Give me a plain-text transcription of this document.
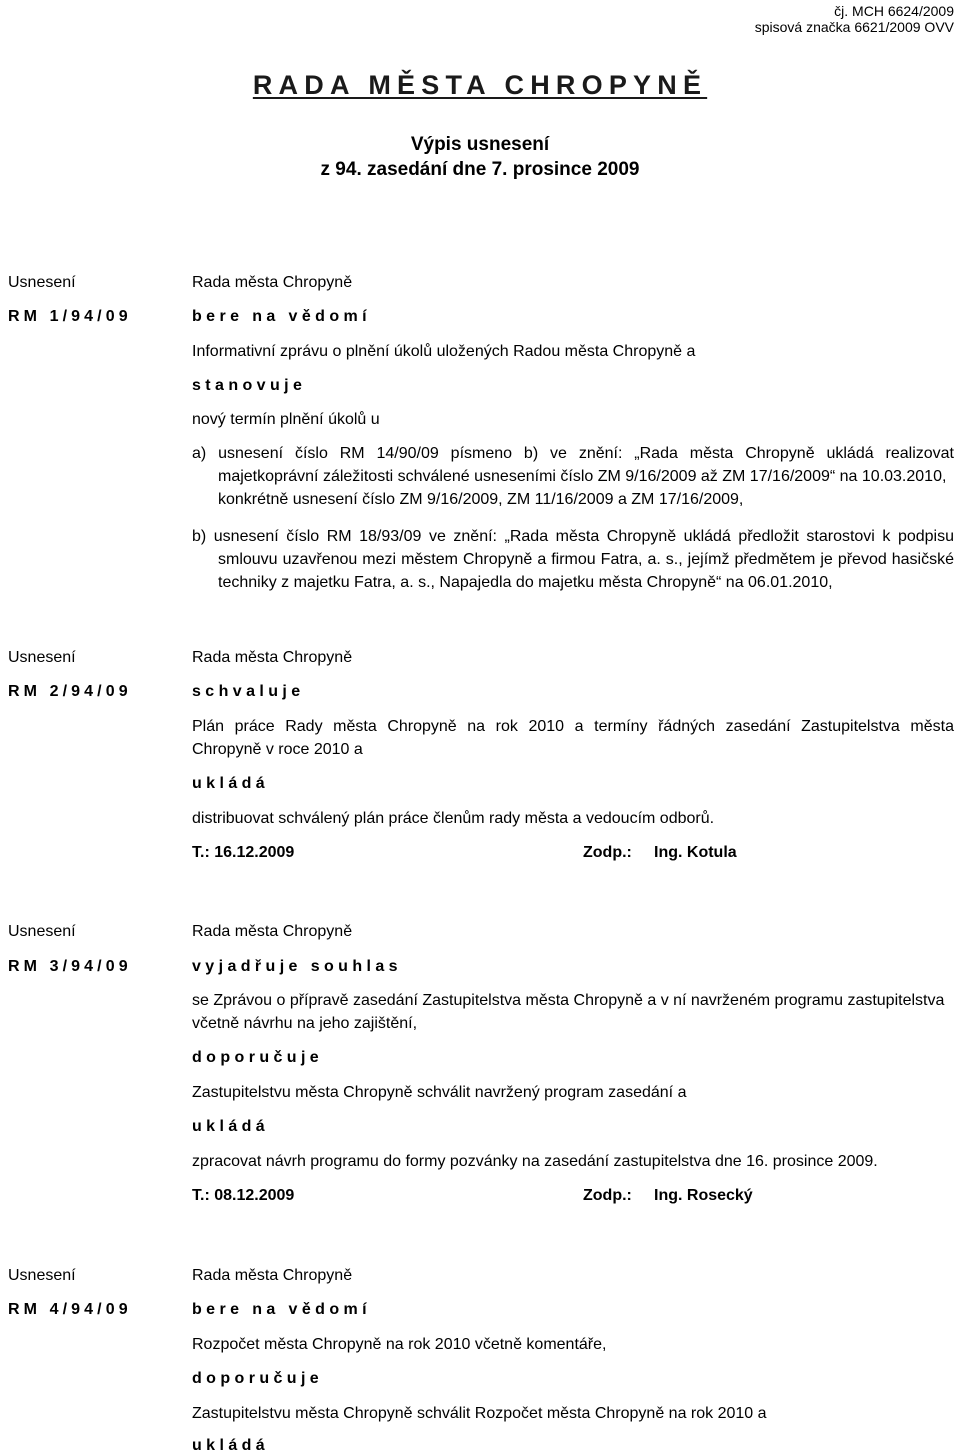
čj. MCH 6624/2009
spisová značka 6621/2009 OVV
RADA MĚSTA CHROPYNĚ
Výpis usnesení
z 94. zasedání dne 7. prosince 2009
Usnesení
RM 1/94/09
Rada města Chropyně
bere na vědomí
Informativní zprávu o plnění úkolů uložených Radou města Chropyně a
stanovuje
nový termín plnění úkolů u
a) usnesení číslo RM 14/90/09 písmeno b) ve znění: „Rada města Chropyně ukládá realizovat
majetkoprávní záležitosti schválené usneseními číslo ZM 9/16/2009 až ZM 17/16/2009“ na 10.03.2010,
konkrétně usnesení číslo ZM 9/16/2009, ZM 11/16/2009 a ZM 17/16/2009,
b) usnesení číslo RM 18/93/09 ve znění: „Rada města Chropyně ukládá předložit starostovi k podpisu
smlouvu uzavřenou mezi městem Chropyně a firmou Fatra, a. s., jejímž předmětem je převod hasičské
techniky z majetku Fatra, a. s., Napajedla do majetku města Chropyně“ na 06.01.2010,
Usnesení
RM 2/94/09
Rada města Chropyně
schvaluje
Plán práce Rady města Chropyně na rok 2010 a termíny řádných zasedání Zastupitelstva města
Chropyně v roce 2010 a
ukládá
distribuovat schválený plán práce členům rady města a vedoucím odborů.
T.: 16.12.2009	Zodp.: Ing. Kotula
Usnesení
RM 3/94/09
Rada města Chropyně
vyjadřuje souhlas
se Zprávou o přípravě zasedání Zastupitelstva města Chropyně a v ní navrženém programu zastupitelstva
včetně návrhu na jeho zajištění,
doporučuje
Zastupitelstvu města Chropyně schválit navržený program zasedání a
ukládá
zpracovat návrh programu do formy pozvánky na zasedání zastupitelstva dne 16. prosince 2009.
T.: 08.12.2009	Zodp.: Ing. Rosecký
Usnesení
RM 4/94/09
Rada města Chropyně
bere na vědomí
Rozpočet města Chropyně na rok 2010 včetně komentáře,
doporučuje
Zastupitelstvu města Chropyně schválit Rozpočet města Chropyně na rok 2010 a
ukládá
